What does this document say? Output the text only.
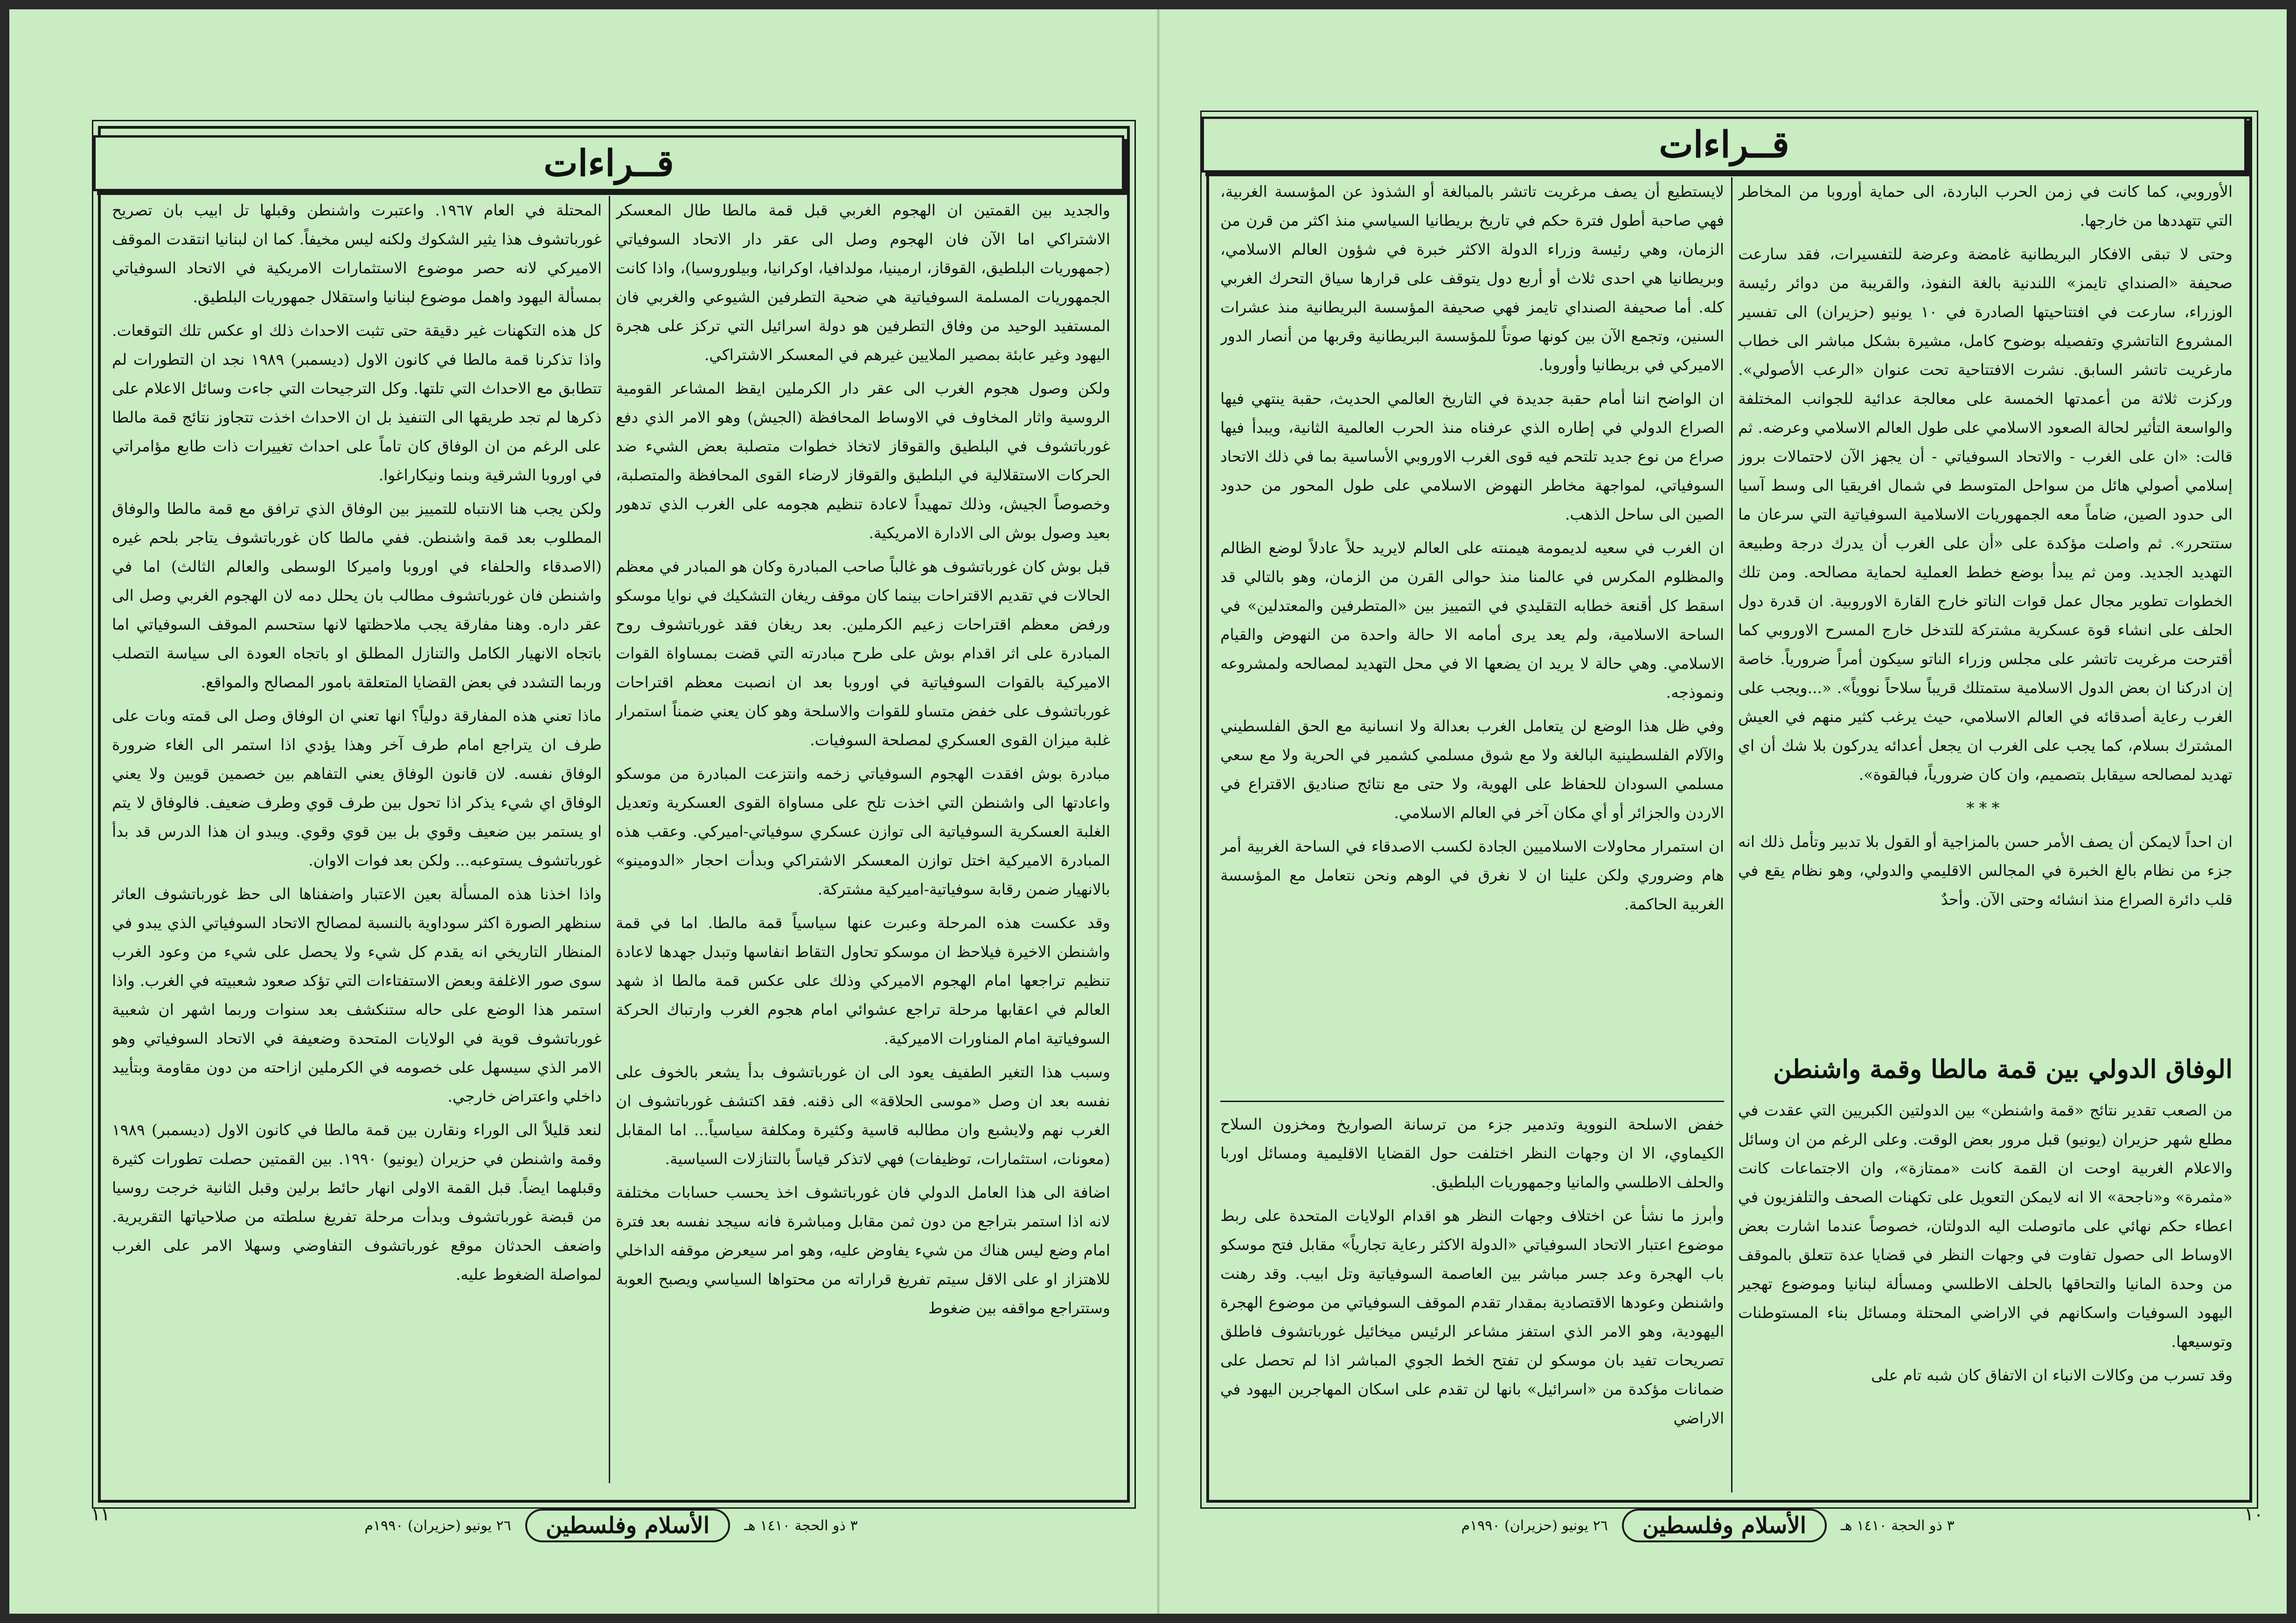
قــراءات

والجديد بين القمتين ان الهجوم الغربي قبل قمة مالطا طال المعسكر الاشتراكي اما الآن فان الهجوم وصل الى عقر دار الاتحاد السوفياتي (جمهوريات البلطيق، القوقاز، ارمينيا، مولدافيا، اوكرانيا، وبيلوروسيا)، واذا كانت الجمهوريات المسلمة السوفياتية هي ضحية التطرفين الشيوعي والغربي فان المستفيد الوحيد من وفاق التطرفين هو دولة اسرائيل التي تركز على هجرة اليهود وغير عابئة بمصير الملايين غيرهم في المعسكر الاشتراكي.

ولكن وصول هجوم الغرب الى عقر دار الكرملين ايقظ المشاعر القومية الروسية واثار المخاوف في الاوساط المحافظة (الجيش) وهو الامر الذي دفع غورباتشوف في البلطيق والقوقاز لاتخاذ خطوات متصلبة بعض الشيء ضد الحركات الاستقلالية في البلطيق والقوقاز لارضاء القوى المحافظة والمتصلبة، وخصوصاً الجيش، وذلك تمهيداً لاعادة تنظيم هجومه على الغرب الذي تدهور بعيد وصول بوش الى الادارة الامريكية.

قبل بوش كان غورباتشوف هو غالباً صاحب المبادرة وكان هو المبادر في معظم الحالات في تقديم الاقتراحات بينما كان موقف ريغان التشكيك في نوايا موسكو ورفض معظم اقتراحات زعيم الكرملين. بعد ريغان فقد غورباتشوف روح المبادرة على اثر اقدام بوش على طرح مبادرته التي قضت بمساواة القوات الاميركية بالقوات السوفياتية في اوروبا بعد ان انصبت معظم اقتراحات غورباتشوف على خفض متساو للقوات والاسلحة وهو كان يعني ضمناً استمرار غلبة ميزان القوى العسكري لمصلحة السوفيات.

مبادرة بوش افقدت الهجوم السوفياتي زخمه وانتزعت المبادرة من موسكو واعادتها الى واشنطن التي اخذت تلح على مساواة القوى العسكرية وتعديل الغلبة العسكرية السوفياتية الى توازن عسكري سوفياتي-اميركي. وعقب هذه المبادرة الاميركية اختل توازن المعسكر الاشتراكي وبدأت احجار «الدومينو» بالانهيار ضمن رقابة سوفياتية-اميركية مشتركة.

وقد عكست هذه المرحلة وعبرت عنها سياسياً قمة مالطا. اما في قمة واشنطن الاخيرة فيلاحظ ان موسكو تحاول التقاط انفاسها وتبدل جهدها لاعادة تنظيم تراجعها امام الهجوم الاميركي وذلك على عكس قمة مالطا اذ شهد العالم في اعقابها مرحلة تراجع عشوائي امام هجوم الغرب وارتباك الحركة السوفياتية امام المناورات الاميركية.

وسبب هذا التغير الطفيف يعود الى ان غورباتشوف بدأ يشعر بالخوف على نفسه بعد ان وصل «موسى الحلاقة» الى ذقنه. فقد اكتشف غورباتشوف ان الغرب نهم ولايشبع وان مطالبه قاسية وكثيرة ومكلفة سياسياً... اما المقابل (معونات، استثمارات، توظيفات) فهي لاتذكر قياساً بالتنازلات السياسية.

اضافة الى هذا العامل الدولي فان غورباتشوف اخذ يحسب حسابات مختلفة لانه اذا استمر بتراجع من دون ثمن مقابل ومباشرة فانه سيجد نفسه بعد فترة امام وضع ليس هناك من شيء يفاوض عليه، وهو امر سيعرض موقفه الداخلي للاهتزاز او على الاقل سيتم تفريغ قراراته من محتواها السياسي ويصبح العوبة وستتراجع مواقفه بين ضغوط

المحتلة في العام ١٩٦٧. واعتبرت واشنطن وقبلها تل ابيب بان تصريح غورباتشوف هذا يثير الشكوك ولكنه ليس مخيفاً. كما ان لبنانيا انتقدت الموقف الاميركي لانه حصر موضوع الاستثمارات الامريكية في الاتحاد السوفياتي بمسألة اليهود واهمل موضوع لبنانيا واستقلال جمهوريات البلطيق.

كل هذه التكهنات غير دقيقة حتى تثبت الاحداث ذلك او عكس تلك التوقعات. واذا تذكرنا قمة مالطا في كانون الاول (ديسمبر) ١٩٨٩ نجد ان التطورات لم تتطابق مع الاحداث التي تلتها. وكل الترجيحات التي جاءت وسائل الاعلام على ذكرها لم تجد طريقها الى التنفيذ بل ان الاحداث اخذت تتجاوز نتائج قمة مالطا على الرغم من ان الوفاق كان تاماً على احداث تغييرات ذات طابع مؤامراتي في اوروبا الشرقية وبنما ونيكاراغوا.

ولكن يجب هنا الانتباه للتمييز بين الوفاق الذي ترافق مع قمة مالطا والوفاق المطلوب بعد قمة واشنطن. ففي مالطا كان غورباتشوف يتاجر بلحم غيره (الاصدقاء والحلفاء في اوروبا واميركا الوسطى والعالم الثالث) اما في واشنطن فان غورباتشوف مطالب بان يحلل دمه لان الهجوم الغربي وصل الى عقر داره. وهنا مفارقة يجب ملاحظتها لانها ستحسم الموقف السوفياتي اما باتجاه الانهيار الكامل والتنازل المطلق او باتجاه العودة الى سياسة التصلب وربما التشدد في بعض القضايا المتعلقة بامور المصالح والمواقع.

ماذا تعني هذه المفارقة دولياً؟ انها تعني ان الوفاق وصل الى قمته وبات على طرف ان يتراجع امام طرف آخر وهذا يؤدي اذا استمر الى الغاء ضرورة الوفاق نفسه. لان قانون الوفاق يعني التفاهم بين خصمين قويين ولا يعني الوفاق اي شيء يذكر اذا تحول بين طرف قوي وطرف ضعيف. فالوفاق لا يتم او يستمر بين ضعيف وقوي بل بين قوي وقوي. ويبدو ان هذا الدرس قد بدأ غورباتشوف يستوعبه... ولكن بعد فوات الاوان.

واذا اخذنا هذه المسألة بعين الاعتبار واضفناها الى حظ غورباتشوف العاثر سنظهر الصورة اكثر سوداوية بالنسبة لمصالح الاتحاد السوفياتي الذي يبدو في المنظار التاريخي انه يقدم كل شيء ولا يحصل على شيء من وعود الغرب سوى صور الاغلفة وبعض الاستفتاءات التي تؤكد صعود شعبيته في الغرب. واذا استمر هذا الوضع على حاله ستنكشف بعد سنوات وربما اشهر ان شعبية غورباتشوف قوية في الولايات المتحدة وضعيفة في الاتحاد السوفياتي وهو الامر الذي سيسهل على خصومه في الكرملين ازاحته من دون مقاومة وبتأييد داخلي واعتراض خارجي.

لنعد قليلاً الى الوراء ونقارن بين قمة مالطا في كانون الاول (ديسمبر) ١٩٨٩ وقمة واشنطن في حزيران (يونيو) ١٩٩٠. بين القمتين حصلت تطورات كثيرة وقبلهما ايضاً. قبل القمة الاولى انهار حائط برلين وقبل الثانية خرجت روسيا من قبضة غورباتشوف وبدأت مرحلة تفريغ سلطته من صلاحياتها التقريرية. واضعف الحدثان موقع غورباتشوف التفاوضي وسهلا الامر على الغرب لمواصلة الضغوط عليه.

١١
٣ ذو الحجة ١٤١٠ هـ
الأسلام وفلسطين
٢٦ يونيو (حزيران) ١٩٩٠م
قــراءات

الأوروبي، كما كانت في زمن الحرب الباردة، الى حماية أوروبا من المخاطر التي تتهددها من خارجها.

وحتى لا تبقى الافكار البريطانية غامضة وعرضة للتفسيرات، فقد سارعت صحيفة «الصنداي تايمز» اللندنية بالغة النفوذ، والقريبة من دوائر رئيسة الوزراء، سارعت في افتتاحيتها الصادرة في ١٠ يونيو (حزيران) الى تفسير المشروع التاتشري وتفصيله بوضوح كامل، مشيرة بشكل مباشر الى خطاب مارغريت تاتشر السابق. نشرت الافتتاحية تحت عنوان «الرعب الأصولي». وركزت ثلاثة من أعمدتها الخمسة على معالجة عدائية للجوانب المختلفة والواسعة التأثير لحالة الصعود الاسلامي على طول العالم الاسلامي وعرضه. ثم قالت: «ان على الغرب - والاتحاد السوفياتي - أن يجهز الآن لاحتمالات بروز إسلامي أصولي هائل من سواحل المتوسط في شمال افريقيا الى وسط آسيا الى حدود الصين، ضاماً معه الجمهوريات الاسلامية السوفياتية التي سرعان ما ستتحرر». ثم واصلت مؤكدة على «أن على الغرب أن يدرك درجة وطبيعة التهديد الجديد. ومن ثم يبدأ بوضع خطط العملية لحماية مصالحه. ومن تلك الخطوات تطوير مجال عمل قوات الناتو خارج القارة الاوروبية. ان قدرة دول الحلف على انشاء قوة عسكرية مشتركة للتدخل خارج المسرح الاوروبي كما أقترحت مرغريت تاتشر على مجلس وزراء الناتو سيكون أمراً ضرورياً. خاصة إن ادركنا ان بعض الدول الاسلامية ستمتلك قريباً سلاحاً نووياً». «...ويجب على الغرب رعاية أصدقائه في العالم الاسلامي، حيث يرغب كثير منهم في العيش المشترك بسلام، كما يجب على الغرب ان يجعل أعدائه يدركون بلا شك أن اي تهديد لمصالحه سيقابل بتصميم، وان كان ضرورياً، فبالقوة».

***

ان احداً لايمكن أن يصف الأمر حسن بالمزاجية أو القول بلا تدبير وتأمل ذلك انه جزء من نظام بالغ الخبرة في المجالس الاقليمي والدولي، وهو نظام يقع في قلب دائرة الصراع منذ انشائه وحتى الآن. وأحدٌ

لايستطيع أن يصف مرغريت تاتشر بالمبالغة أو الشذوذ عن المؤسسة الغربية، فهي صاحبة أطول فترة حكم في تاريخ بريطانيا السياسي منذ اكثر من قرن من الزمان، وهي رئيسة وزراء الدولة الاكثر خبرة في شؤون العالم الاسلامي، وبريطانيا هي احدى ثلاث أو أربع دول يتوقف على قرارها سياق التحرك الغربي كله. أما صحيفة الصنداي تايمز فهي صحيفة المؤسسة البريطانية منذ عشرات السنين، وتجمع الآن بين كونها صوتاً للمؤسسة البريطانية وقربها من أنصار الدور الاميركي في بريطانيا وأوروبا.

ان الواضح اننا أمام حقبة جديدة في التاريخ العالمي الحديث، حقبة ينتهي فيها الصراع الدولي في إطاره الذي عرفناه منذ الحرب العالمية الثانية، ويبدأ فيها صراع من نوع جديد تلتحم فيه قوى الغرب الاوروبي الأساسية بما في ذلك الاتحاد السوفياتي، لمواجهة مخاطر النهوض الاسلامي على طول المحور من حدود الصين الى ساحل الذهب.

ان الغرب في سعيه لديمومة هيمنته على العالم لايريد حلاً عادلاً لوضع الظالم والمظلوم المكرس في عالمنا منذ حوالى القرن من الزمان، وهو بالتالي قد اسقط كل أقنعة خطابه التقليدي في التمييز بين «المتطرفين والمعتدلين» في الساحة الاسلامية، ولم يعد يرى أمامه الا حالة واحدة من النهوض والقيام الاسلامي. وهي حالة لا يريد ان يضعها الا في محل التهديد لمصالحه ولمشروعه ونموذجه.

وفي ظل هذا الوضع لن يتعامل الغرب بعدالة ولا انسانية مع الحق الفلسطيني والآلام الفلسطينية البالغة ولا مع شوق مسلمي كشمير في الحرية ولا مع سعي مسلمي السودان للحفاظ على الهوية، ولا حتى مع نتائج صناديق الاقتراع في الاردن والجزائر أو أي مكان آخر في العالم الاسلامي.

ان استمرار محاولات الاسلاميين الجادة لكسب الاصدقاء في الساحة الغربية أمر هام وضروري ولكن علينا ان لا نغرق في الوهم ونحن نتعامل مع المؤسسة الغربية الحاكمة.

الوفاق الدولي بين قمة مالطا وقمة واشنطن

من الصعب تقدير نتائج «قمة واشنطن» بين الدولتين الكبريين التي عقدت في مطلع شهر حزيران (يونيو) قبل مرور بعض الوقت. وعلى الرغم من ان وسائل والاعلام الغربية اوحت ان القمة كانت «ممتازة»، وان الاجتماعات كانت «مثمرة» و«ناجحة» الا انه لايمكن التعويل على تكهنات الصحف والتلفزيون في اعطاء حكم نهائي على ماتوصلت اليه الدولتان، خصوصاً عندما اشارت بعض الاوساط الى حصول تفاوت في وجهات النظر في قضايا عدة تتعلق بالموقف من وحدة المانيا والتحاقها بالحلف الاطلسي ومسألة لبنانيا وموضوع تهجير اليهود السوفيات واسكانهم في الاراضي المحتلة ومسائل بناء المستوطنات وتوسيعها.

وقد تسرب من وكالات الانباء ان الاتفاق كان شبه تام على

خفض الاسلحة النووية وتدمير جزء من ترسانة الصواريخ ومخزون السلاح الكيماوي، الا ان وجهات النظر اختلفت حول القضايا الاقليمية ومسائل اوربا والحلف الاطلسي والمانيا وجمهوريات البلطيق.

وأبرز ما نشأ عن اختلاف وجهات النظر هو اقدام الولايات المتحدة على ربط موضوع اعتبار الاتحاد السوفياتي «الدولة الاكثر رعاية تجارياً» مقابل فتح موسكو باب الهجرة وعد جسر مباشر بين العاصمة السوفياتية وتل ابيب. وقد رهنت واشنطن وعودها الاقتصادية بمقدار تقدم الموقف السوفياتي من موضوع الهجرة اليهودية، وهو الامر الذي استفز مشاعر الرئيس ميخائيل غورباتشوف فاطلق تصريحات تفيد بان موسكو لن تفتح الخط الجوي المباشر اذا لم تحصل على ضمانات مؤكدة من «اسرائيل» بانها لن تقدم على اسكان المهاجرين اليهود في الاراضي

١٠
٣ ذو الحجة ١٤١٠ هـ
الأسلام وفلسطين
٢٦ يونيو (حزيران) ١٩٩٠م
